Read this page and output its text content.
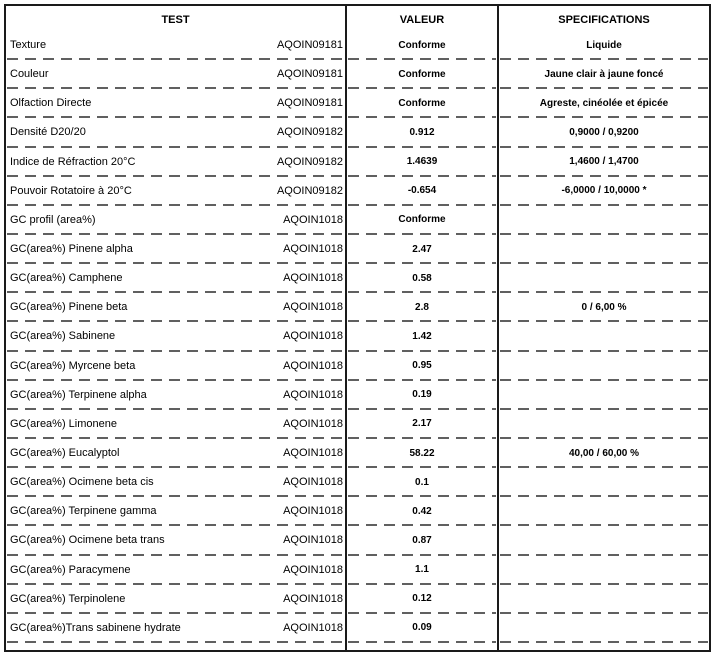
TEST	VALEUR	SPECIFICATIONS
Texture	AQOIN09181	Conforme	Liquide
Couleur	AQOIN09181	Conforme	Jaune clair à jaune foncé
Olfaction Directe	AQOIN09181	Conforme	Agreste, cinéolée et épicée
Densité D20/20	AQOIN09182	0.912	0,9000 / 0,9200
Indice de Réfraction 20°C	AQOIN09182	1.4639	1,4600 / 1,4700
Pouvoir Rotatoire à 20°C	AQOIN09182	-0.654	-6,0000 / 10,0000 *
GC profil (area%)	AQOIN1018	Conforme
GC(area%) Pinene alpha	AQOIN1018	2.47
GC(area%) Camphene	AQOIN1018	0.58
GC(area%) Pinene beta	AQOIN1018	2.8	0 / 6,00 %
GC(area%) Sabinene	AQOIN1018	1.42
GC(area%) Myrcene beta	AQOIN1018	0.95
GC(area%) Terpinene alpha	AQOIN1018	0.19
GC(area%) Limonene	AQOIN1018	2.17
GC(area%) Eucalyptol	AQOIN1018	58.22	40,00 / 60,00 %
GC(area%) Ocimene beta cis	AQOIN1018	0.1
GC(area%) Terpinene gamma	AQOIN1018	0.42
GC(area%) Ocimene beta trans	AQOIN1018	0.87
GC(area%) Paracymene	AQOIN1018	1.1
GC(area%) Terpinolene	AQOIN1018	0.12
GC(area%)Trans sabinene hydrate	AQOIN1018	0.09
